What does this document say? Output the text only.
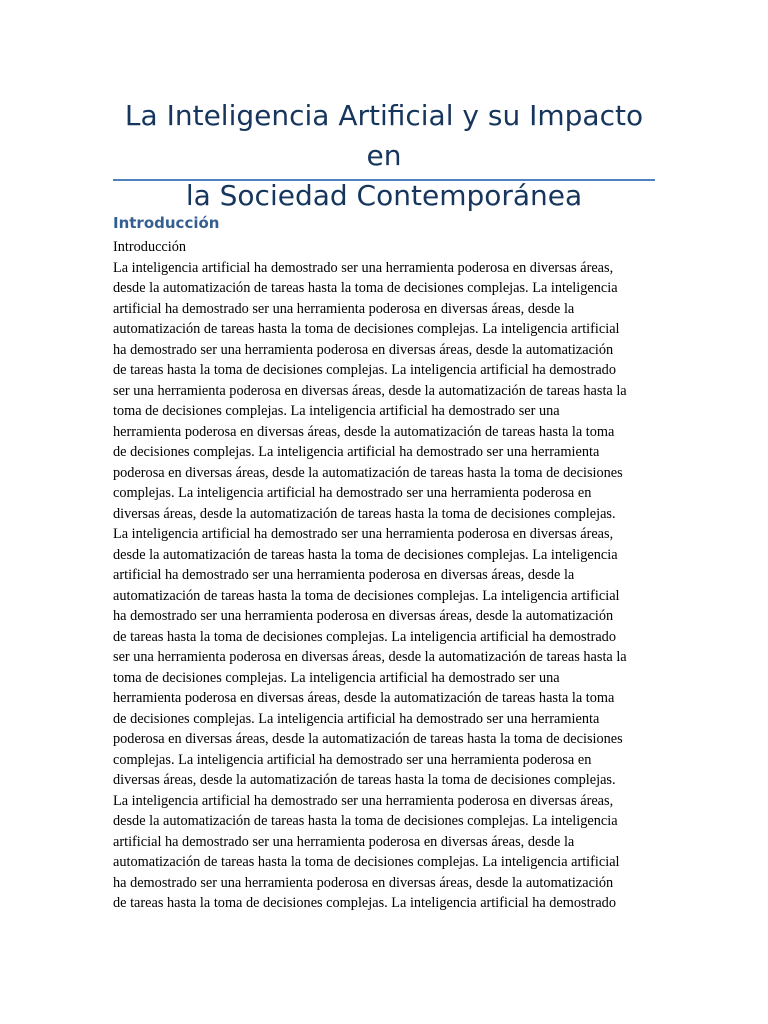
La Inteligencia Artificial y su Impacto en
la Sociedad Contemporánea
Introducción
Introducción
La inteligencia artificial ha demostrado ser una herramienta poderosa en diversas áreas,
desde la automatización de tareas hasta la toma de decisiones complejas. La inteligencia
artificial ha demostrado ser una herramienta poderosa en diversas áreas, desde la
automatización de tareas hasta la toma de decisiones complejas. La inteligencia artificial
ha demostrado ser una herramienta poderosa en diversas áreas, desde la automatización
de tareas hasta la toma de decisiones complejas. La inteligencia artificial ha demostrado
ser una herramienta poderosa en diversas áreas, desde la automatización de tareas hasta la
toma de decisiones complejas. La inteligencia artificial ha demostrado ser una
herramienta poderosa en diversas áreas, desde la automatización de tareas hasta la toma
de decisiones complejas. La inteligencia artificial ha demostrado ser una herramienta
poderosa en diversas áreas, desde la automatización de tareas hasta la toma de decisiones
complejas. La inteligencia artificial ha demostrado ser una herramienta poderosa en
diversas áreas, desde la automatización de tareas hasta la toma de decisiones complejas.
La inteligencia artificial ha demostrado ser una herramienta poderosa en diversas áreas,
desde la automatización de tareas hasta la toma de decisiones complejas. La inteligencia
artificial ha demostrado ser una herramienta poderosa en diversas áreas, desde la
automatización de tareas hasta la toma de decisiones complejas. La inteligencia artificial
ha demostrado ser una herramienta poderosa en diversas áreas, desde la automatización
de tareas hasta la toma de decisiones complejas. La inteligencia artificial ha demostrado
ser una herramienta poderosa en diversas áreas, desde la automatización de tareas hasta la
toma de decisiones complejas. La inteligencia artificial ha demostrado ser una
herramienta poderosa en diversas áreas, desde la automatización de tareas hasta la toma
de decisiones complejas. La inteligencia artificial ha demostrado ser una herramienta
poderosa en diversas áreas, desde la automatización de tareas hasta la toma de decisiones
complejas. La inteligencia artificial ha demostrado ser una herramienta poderosa en
diversas áreas, desde la automatización de tareas hasta la toma de decisiones complejas.
La inteligencia artificial ha demostrado ser una herramienta poderosa en diversas áreas,
desde la automatización de tareas hasta la toma de decisiones complejas. La inteligencia
artificial ha demostrado ser una herramienta poderosa en diversas áreas, desde la
automatización de tareas hasta la toma de decisiones complejas. La inteligencia artificial
ha demostrado ser una herramienta poderosa en diversas áreas, desde la automatización
de tareas hasta la toma de decisiones complejas. La inteligencia artificial ha demostrado
